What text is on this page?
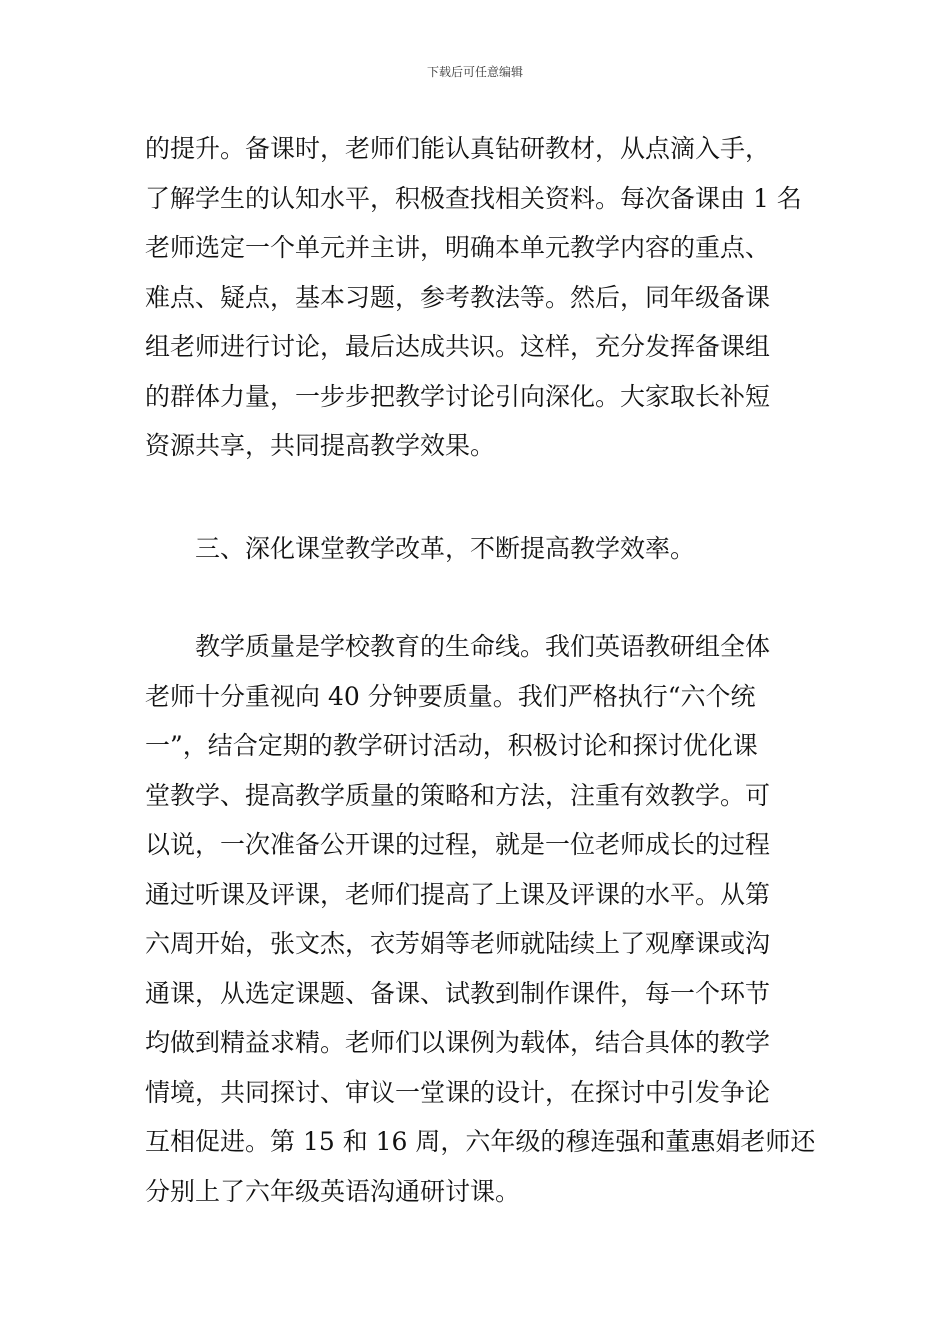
下载后可任意编辑
的提升。备课时，老师们能认真钻研教材，从点滴入手，
了解学生的认知水平，积极查找相关资料。每次备课由 1 名
老师选定一个单元并主讲，明确本单元教学内容的重点、
难点、疑点，基本习题，参考教法等。然后，同年级备课
组老师进行讨论，最后达成共识。这样，充分发挥备课组
的群体力量，一步步把教学讨论引向深化。大家取长补短
资源共享，共同提高教学效果。
三、深化课堂教学改革，不断提高教学效率。
教学质量是学校教育的生命线。我们英语教研组全体
老师十分重视向 40 分钟要质量。我们严格执行“六个统
一”，结合定期的教学研讨活动，积极讨论和探讨优化课
堂教学、提高教学质量的策略和方法，注重有效教学。可
以说，一次准备公开课的过程，就是一位老师成长的过程
通过听课及评课，老师们提高了上课及评课的水平。从第
六周开始，张文杰，衣芳娟等老师就陆续上了观摩课或沟
通课，从选定课题、备课、试教到制作课件，每一个环节
均做到精益求精。老师们以课例为载体，结合具体的教学
情境，共同探讨、审议一堂课的设计，在探讨中引发争论
互相促进。第 15 和 16 周，六年级的穆连强和董惠娟老师还
分别上了六年级英语沟通研讨课。
